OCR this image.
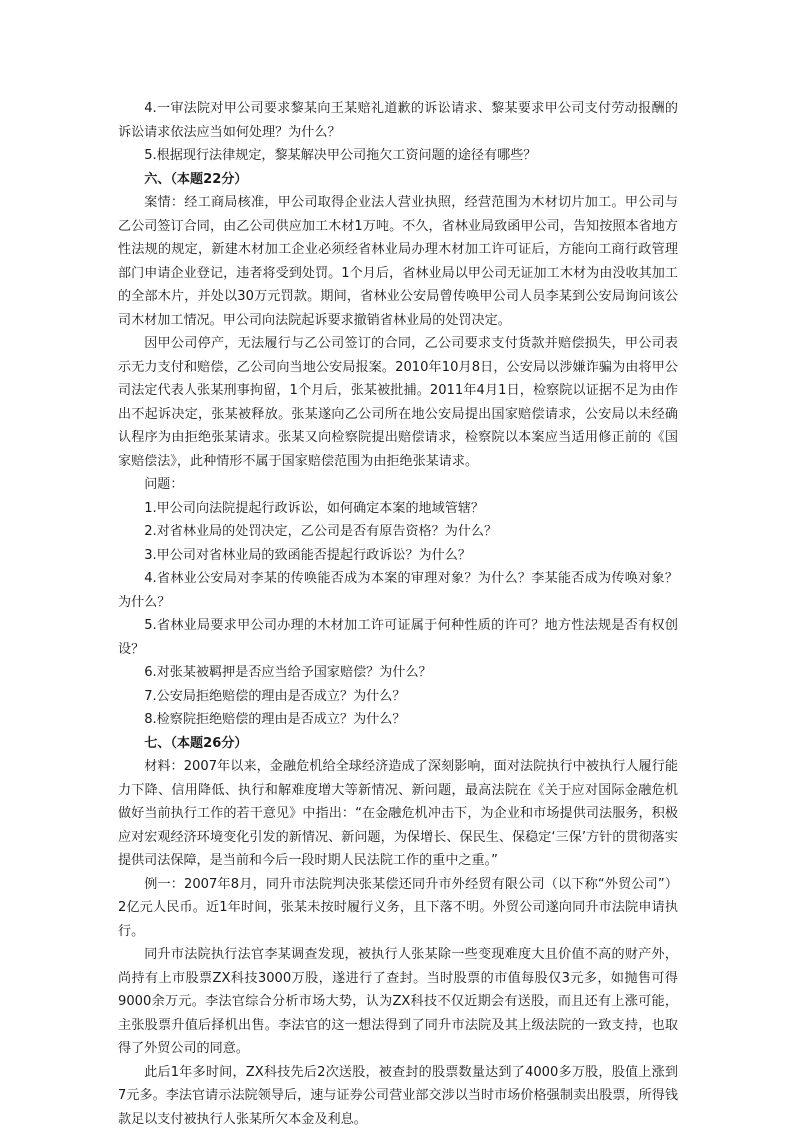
4.一审法院对甲公司要求黎某向王某赔礼道歉的诉讼请求、黎某要求甲公司支付劳动报酬的诉讼请求依法应当如何处理？为什么？

5.根据现行法律规定，黎某解决甲公司拖欠工资问题的途径有哪些？

六、（本题22分）

案情：经工商局核准，甲公司取得企业法人营业执照，经营范围为木材切片加工。甲公司与乙公司签订合同，由乙公司供应加工木材1万吨。不久，省林业局致函甲公司，告知按照本省地方性法规的规定，新建木材加工企业必须经省林业局办理木材加工许可证后，方能向工商行政管理部门申请企业登记，违者将受到处罚。1个月后，省林业局以甲公司无证加工木材为由没收其加工的全部木片，并处以30万元罚款。期间，省林业公安局曾传唤甲公司人员李某到公安局询问该公司木材加工情况。甲公司向法院起诉要求撤销省林业局的处罚决定。

因甲公司停产，无法履行与乙公司签订的合同，乙公司要求支付货款并赔偿损失，甲公司表示无力支付和赔偿，乙公司向当地公安局报案。2010年10月8日，公安局以涉嫌诈骗为由将甲公司法定代表人张某刑事拘留，1个月后，张某被批捕。2011年4月1日，检察院以证据不足为由作出不起诉决定，张某被释放。张某遂向乙公司所在地公安局提出国家赔偿请求，公安局以未经确认程序为由拒绝张某请求。张某又向检察院提出赔偿请求，检察院以本案应当适用修正前的《国家赔偿法》，此种情形不属于国家赔偿范围为由拒绝张某请求。

问题：

1.甲公司向法院提起行政诉讼，如何确定本案的地域管辖？

2.对省林业局的处罚决定，乙公司是否有原告资格？为什么？

3.甲公司对省林业局的致函能否提起行政诉讼？为什么？

4.省林业公安局对李某的传唤能否成为本案的审理对象？为什么？李某能否成为传唤对象？为什么？

5.省林业局要求甲公司办理的木材加工许可证属于何种性质的许可？地方性法规是否有权创设？

6.对张某被羁押是否应当给予国家赔偿？为什么？

7.公安局拒绝赔偿的理由是否成立？为什么？

8.检察院拒绝赔偿的理由是否成立？为什么？

七、（本题26分）

材料：2007年以来，金融危机给全球经济造成了深刻影响，面对法院执行中被执行人履行能力下降、信用降低、执行和解难度增大等新情况、新问题，最高法院在《关于应对国际金融危机做好当前执行工作的若干意见》中指出：“在金融危机冲击下，为企业和市场提供司法服务，积极应对宏观经济环境变化引发的新情况、新问题，为保增长、保民生、保稳定‘三保’方针的贯彻落实提供司法保障，是当前和今后一段时期人民法院工作的重中之重。”

例一：2007年8月，同升市法院判决张某偿还同升市外经贸有限公司（以下称“外贸公司”）2亿元人民币。近1年时间，张某未按时履行义务，且下落不明。外贸公司遂向同升市法院申请执行。

同升市法院执行法官李某调查发现，被执行人张某除一些变现难度大且价值不高的财产外，尚持有上市股票ZX科技3000万股，遂进行了查封。当时股票的市值每股仅3元多，如抛售可得9000余万元。李法官综合分析市场大势，认为ZX科技不仅近期会有送股，而且还有上涨可能，主张股票升值后择机出售。李法官的这一想法得到了同升市法院及其上级法院的一致支持，也取得了外贸公司的同意。

此后1年多时间，ZX科技先后2次送股，被查封的股票数量达到了4000多万股，股值上涨到7元多。李法官请示法院领导后，速与证券公司营业部交涉以当时市场价格强制卖出股票，所得钱款足以支付被执行人张某所欠本金及利息。
